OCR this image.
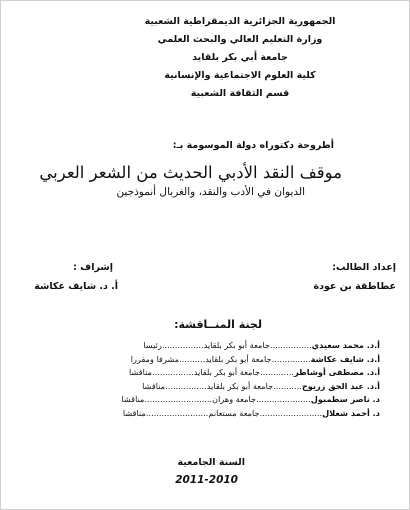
الجمهورية الجزائرية الديمقراطية الشعبية
وزارة التعليم العالي والبحث العلمي
جامعة أبي بكر بلقايد
كلية العلوم الاجتماعية والإنسانية
قسم الثقافة الشعبية
أطروحة دكتوراه دولة الموسومة بـ:
موقف النقد الأدبي الحديث من الشعر العربي
الديوان في الأدب والنقد، والغربال أنموذجين
إعداد الطالب:
عطاطقة بن عودة
إشراف :
أ. د. شايف عكاشة
لجنة المنــاقشة:
أ.د. محمد سعيدي................جامعة أبو بكر بلقايد................رئيسا
أ.د. شايف عكاشة...............جامعة أبو بكر بلقايد..........مشرفا ومقررا
أ.د. مصطفى أوشاطر.............جامعة أبو بكر بلقايد................مناقشا
أ.د. عبد الحق زريوح...........جامعة أبو بكر بلقايد................مناقشا
د. ناصر سطمبول.....................جامعة وهران..........................مناقشا
د. أحمد شعلال........................جامعة مستغانم........................مناقشا
السنة الجامعية
2011-2010
